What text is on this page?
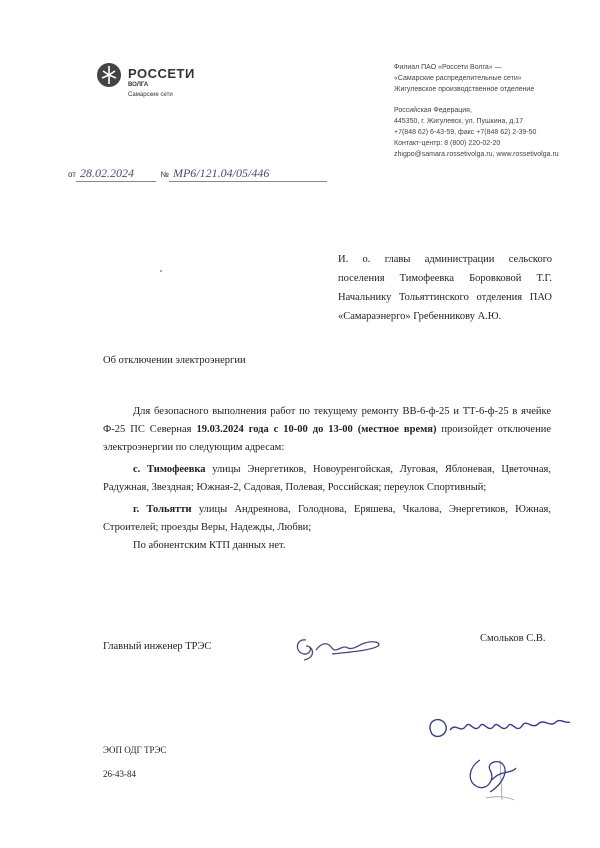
РОССЕТИ
ВОЛГА
Самарские сети
Филиал ПАО «Россети Волга» —
«Самарские распределительные сети»
Жигулевское производственное отделение
Российская Федерация,
445350, г. Жигулевск, ул. Пушкина, д.17
+7(848 62) 6-43-59, факс +7(848 62) 2-39-50
Контакт-центр: 8 (800) 220-02-20
zhigpo@samara.rossetivolga.ru, www.rossetivolga.ru
от 28.02.2024	№ МР6/121.04/05/446
И. о. главы администрации сельского поселения Тимофеевка Боровковой Т.Г. Начальнику Тольяттинского отделения ПАО «Самараэнерго» Гребенникову А.Ю.
Об отключении электроэнергии

Для безопасного выполнения работ по текущему ремонту ВВ-6-ф-25 и ТТ-6-ф-25 в ячейке Ф-25 ПС Северная 19.03.2024 года с 10-00 до 13-00 (местное время) произойдет отключение электроэнергии по следующим адресам:

с. Тимофеевка улицы Энергетиков, Новоуренгойская, Луговая, Яблоневая, Цветочная, Радужная, Звездная; Южная-2, Садовая, Полевая, Российская; переулок Спортивный;

г. Тольятти улицы Андреянова, Голоднова, Еряшева, Чкалова, Энергетиков, Южная, Строителей; проезды Веры, Надежды, Любви;

По абонентским КТП данных нет.

Главный инженер ТРЭС
Смольков С.В.
ЭОП ОДГ ТРЭС
26-43-84
